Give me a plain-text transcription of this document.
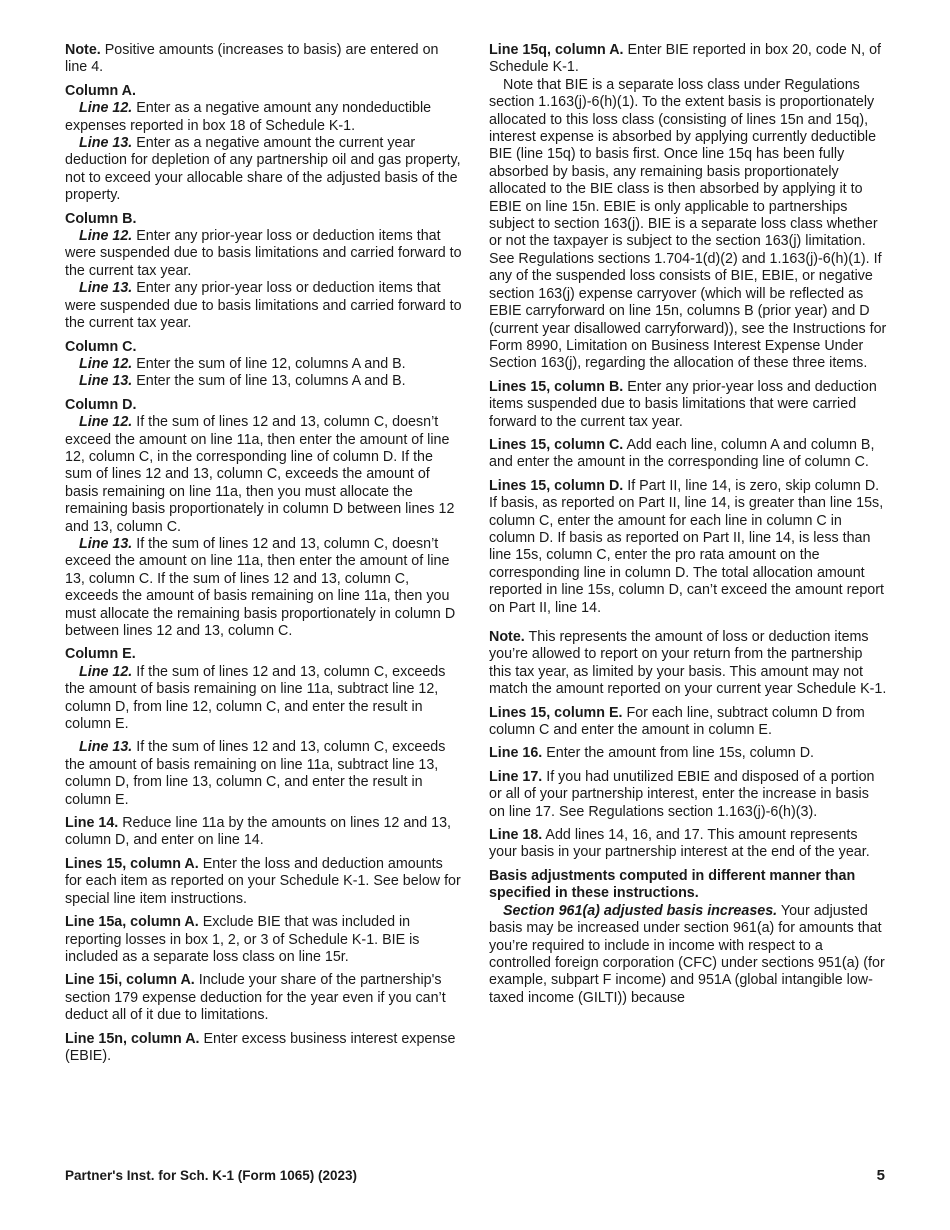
Note. Positive amounts (increases to basis) are entered on line 4.

Column A.

Line 12. Enter as a negative amount any nondeductible expenses reported in box 18 of Schedule K-1.

Line 13. Enter as a negative amount the current year deduction for depletion of any partnership oil and gas property, not to exceed your allocable share of the adjusted basis of the property.

Column B.

Line 12. Enter any prior-year loss or deduction items that were suspended due to basis limitations and carried forward to the current tax year.

Line 13. Enter any prior-year loss or deduction items that were suspended due to basis limitations and carried forward to the current tax year.

Column C.

Line 12. Enter the sum of line 12, columns A and B.

Line 13. Enter the sum of line 13, columns A and B.

Column D.

Line 12. If the sum of lines 12 and 13, column C, doesn’t exceed the amount on line 11a, then enter the amount of line 12, column C, in the corresponding line of column D. If the sum of lines 12 and 13, column C, exceeds the amount of basis remaining on line 11a, then you must allocate the remaining basis proportionately in column D between lines 12 and 13, column C.

Line 13. If the sum of lines 12 and 13, column C, doesn’t exceed the amount on line 11a, then enter the amount of line 13, column C. If the sum of lines 12 and 13, column C, exceeds the amount of basis remaining on line 11a, then you must allocate the remaining basis proportionately in column D between lines 12 and 13, column C.

Column E.

Line 12. If the sum of lines 12 and 13, column C, exceeds the amount of basis remaining on line 11a, subtract line 12, column D, from line 12, column C, and enter the result in column E.

Line 13. If the sum of lines 12 and 13, column C, exceeds the amount of basis remaining on line 11a, subtract line 13, column D, from line 13, column C, and enter the result in column E.

Line 14. Reduce line 11a by the amounts on lines 12 and 13, column D, and enter on line 14.

Lines 15, column A. Enter the loss and deduction amounts for each item as reported on your Schedule K-1. See below for special line item instructions.

Line 15a, column A. Exclude BIE that was included in reporting losses in box 1, 2, or 3 of Schedule K-1. BIE is included as a separate loss class on line 15r.

Line 15i, column A. Include your share of the partnership's section 179 expense deduction for the year even if you can’t deduct all of it due to limitations.

Line 15n, column A. Enter excess business interest expense (EBIE).

Line 15q, column A. Enter BIE reported in box 20, code N, of Schedule K-1.

Note that BIE is a separate loss class under Regulations section 1.163(j)-6(h)(1). To the extent basis is proportionately allocated to this loss class (consisting of lines 15n and 15q), interest expense is absorbed by applying currently deductible BIE (line 15q) to basis first. Once line 15q has been fully absorbed by basis, any remaining basis proportionately allocated to the BIE class is then absorbed by applying it to EBIE on line 15n. EBIE is only applicable to partnerships subject to section 163(j). BIE is a separate loss class whether or not the taxpayer is subject to the section 163(j) limitation. See Regulations sections 1.704-1(d)(2) and 1.163(j)-6(h)(1). If any of the suspended loss consists of BIE, EBIE, or negative section 163(j) expense carryover (which will be reflected as EBIE carryforward on line 15n, columns B (prior year) and D (current year disallowed carryforward)), see the Instructions for Form 8990, Limitation on Business Interest Expense Under Section 163(j), regarding the allocation of these three items.

Lines 15, column B. Enter any prior-year loss and deduction items suspended due to basis limitations that were carried forward to the current tax year.

Lines 15, column C. Add each line, column A and column B, and enter the amount in the corresponding line of column C.

Lines 15, column D. If Part II, line 14, is zero, skip column D. If basis, as reported on Part II, line 14, is greater than line 15s, column C, enter the amount for each line in column C in column D. If basis as reported on Part II, line 14, is less than line 15s, column C, enter the pro rata amount on the corresponding line in column D. The total allocation amount reported in line 15s, column D, can’t exceed the amount report on Part II, line 14.

Note. This represents the amount of loss or deduction items you’re allowed to report on your return from the partnership this tax year, as limited by your basis. This amount may not match the amount reported on your current year Schedule K-1.

Lines 15, column E. For each line, subtract column D from column C and enter the amount in column E.

Line 16. Enter the amount from line 15s, column D.

Line 17. If you had unutilized EBIE and disposed of a portion or all of your partnership interest, enter the increase in basis on line 17. See Regulations section 1.163(j)-6(h)(3).

Line 18. Add lines 14, 16, and 17. This amount represents your basis in your partnership interest at the end of the year.

Basis adjustments computed in different manner than specified in these instructions.

Section 961(a) adjusted basis increases. Your adjusted basis may be increased under section 961(a) for amounts that you’re required to include in income with respect to a controlled foreign corporation (CFC) under sections 951(a) (for example, subpart F income) and 951A (global intangible low-taxed income (GILTI)) because

Partner's Inst. for Sch. K-1 (Form 1065) (2023)	5
